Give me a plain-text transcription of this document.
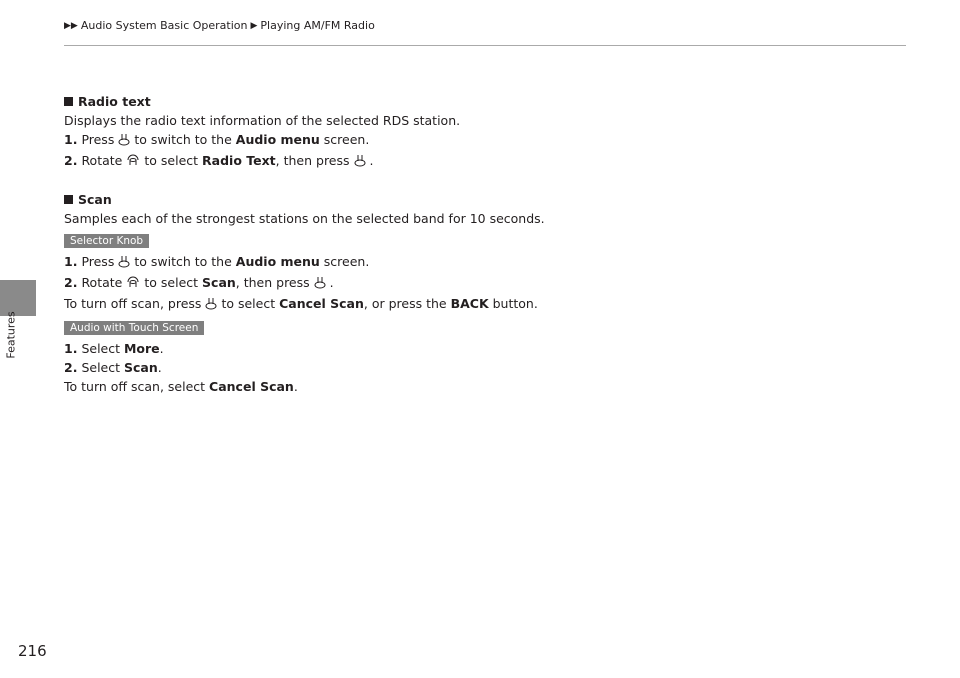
Features
▶▶ Audio System Basic Operation ▶ Playing AM/FM Radio
Radio text
Displays the radio text information of the selected RDS station.
1. Press to switch to the Audio menu screen.
2. Rotate to select Radio Text, then press .
Scan
Samples each of the strongest stations on the selected band for 10 seconds.
Selector Knob
1. Press to switch to the Audio menu screen.
2. Rotate to select Scan, then press .
To turn off scan, press to select Cancel Scan, or press the BACK button.
Audio with Touch Screen
1. Select More.
2. Select Scan.
To turn off scan, select Cancel Scan.
216
